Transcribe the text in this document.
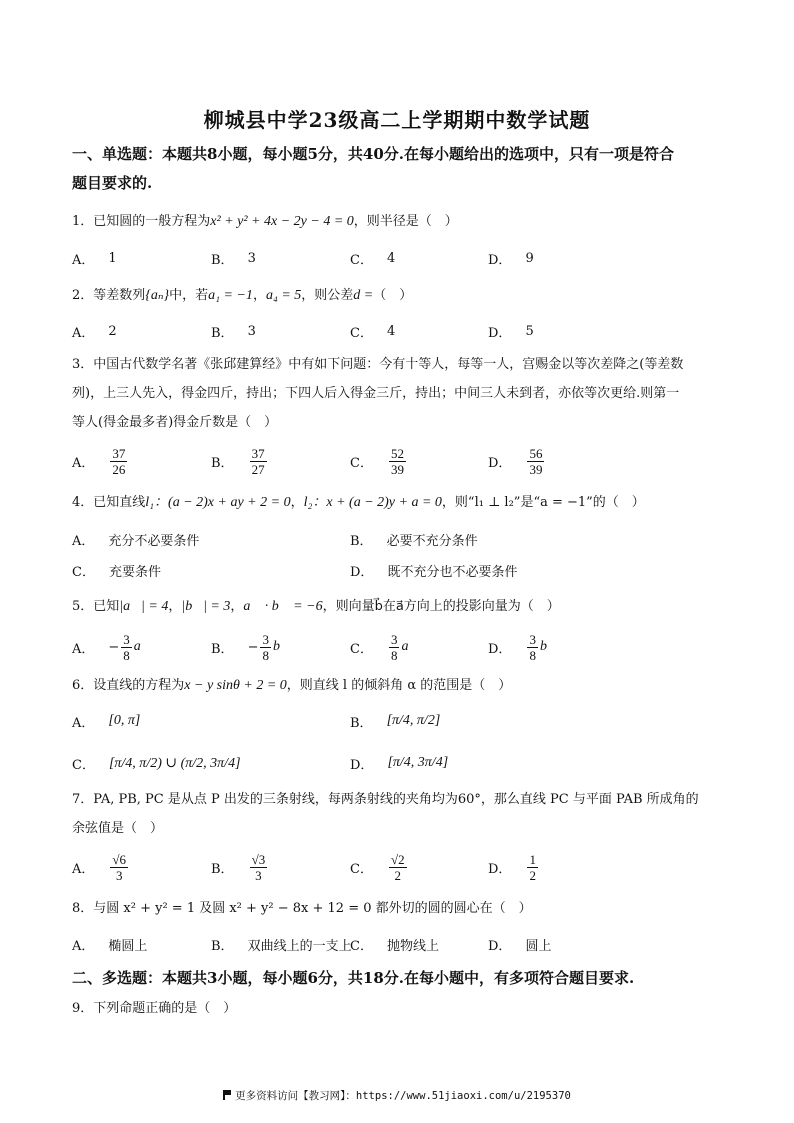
柳城县中学23级高二上学期期中数学试题
一、单选题：本题共8小题，每小题5分，共40分.在每小题给出的选项中，只有一项是符合
题目要求的.
1．已知圆的一般方程为x² + y² + 4x − 2y − 4 = 0，则半径是（　）
A． 1	B． 3	C． 4	D． 9
2．等差数列{aₙ}中，若a₁ = −1，a₄ = 5，则公差d =（　）
A． 2	B． 3	C． 4	D． 5
3．中国古代数学名著《张邱建算经》中有如下问题：今有十等人，每等一人，宫赐金以等次差降之(等差数
列)，上三人先入，得金四斤，持出；下四人后入得金三斤，持出；中间三人未到者，亦依等次更给.则第一
等人(得金最多者)得金斤数是（　）
A． $\frac{37}{26}$	B． $\frac{37}{27}$	C． $\frac{52}{39}$	D． $\frac{56}{39}$
4．已知直线l₁：(a − 2)x + ay + 2 = 0，l₂：x + (a − 2)y + a = 0，则“l₁ ⊥ l₂”是“a = −1”的（　）
A． 充分不必要条件	B． 必要不充分条件
C． 充要条件	D． 既不充分也不必要条件
5．已知|a⃗| = 4，|b⃗| = 3，a⃗ · b⃗ = −6，则向量b⃗在a⃗方向上的投影向量为（　）
A． − $\frac{3}{8}$ a⃗	B． − $\frac{3}{8}$ b⃗	C． $\frac{3}{8}$ a⃗	D． $\frac{3}{8}$ b⃗
6．设直线的方程为x − y sinθ + 2 = 0，则直线 l 的倾斜角 α 的范围是（　）
A． [0, π]	B． [π/4, π/2]
C． [π/4, π/2) ∪ (π/2, 3π/4]	D． [π/4, 3π/4]
7．PA, PB, PC 是从点 P 出发的三条射线，每两条射线的夹角均为60°，那么直线 PC 与平面 PAB 所成角的
余弦值是（　）
A． $\frac{√6}{3}$	B． $\frac{√3}{3}$	C． $\frac{√2}{2}$	D． $\frac{1}{2}$
8．与圆 x² + y² = 1 及圆 x² + y² − 8x + 12 = 0 都外切的圆的圆心在（　）
A． 椭圆上	B． 双曲线上的一支上
C． 抛物线上	D． 圆上
二、多选题：本题共3小题，每小题6分，共18分.在每小题中，有多项符合题目要求.
9．下列命题正确的是（　）
更多资料访问【教习网】：https://www.51jiaoxi.com/u/2195370
